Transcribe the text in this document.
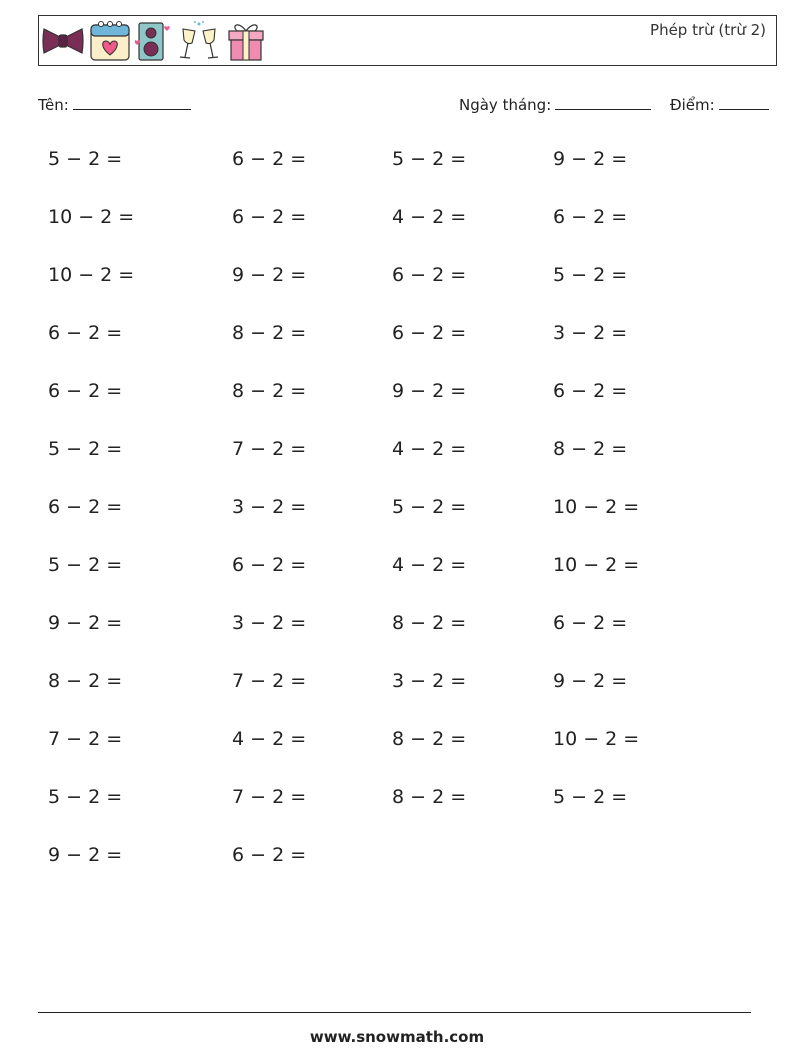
Phép trừ (trừ 2)
Tên:	Ngày tháng:	Điểm:
5 − 2 =	6 − 2 =	5 − 2 =	9 − 2 =
10 − 2 =	6 − 2 =	4 − 2 =	6 − 2 =
10 − 2 =	9 − 2 =	6 − 2 =	5 − 2 =
6 − 2 =	8 − 2 =	6 − 2 =	3 − 2 =
6 − 2 =	8 − 2 =	9 − 2 =	6 − 2 =
5 − 2 =	7 − 2 =	4 − 2 =	8 − 2 =
6 − 2 =	3 − 2 =	5 − 2 =	10 − 2 =
5 − 2 =	6 − 2 =	4 − 2 =	10 − 2 =
9 − 2 =	3 − 2 =	8 − 2 =	6 − 2 =
8 − 2 =	7 − 2 =	3 − 2 =	9 − 2 =
7 − 2 =	4 − 2 =	8 − 2 =	10 − 2 =
5 − 2 =	7 − 2 =	8 − 2 =	5 − 2 =
9 − 2 =	6 − 2 =
www.snowmath.com
